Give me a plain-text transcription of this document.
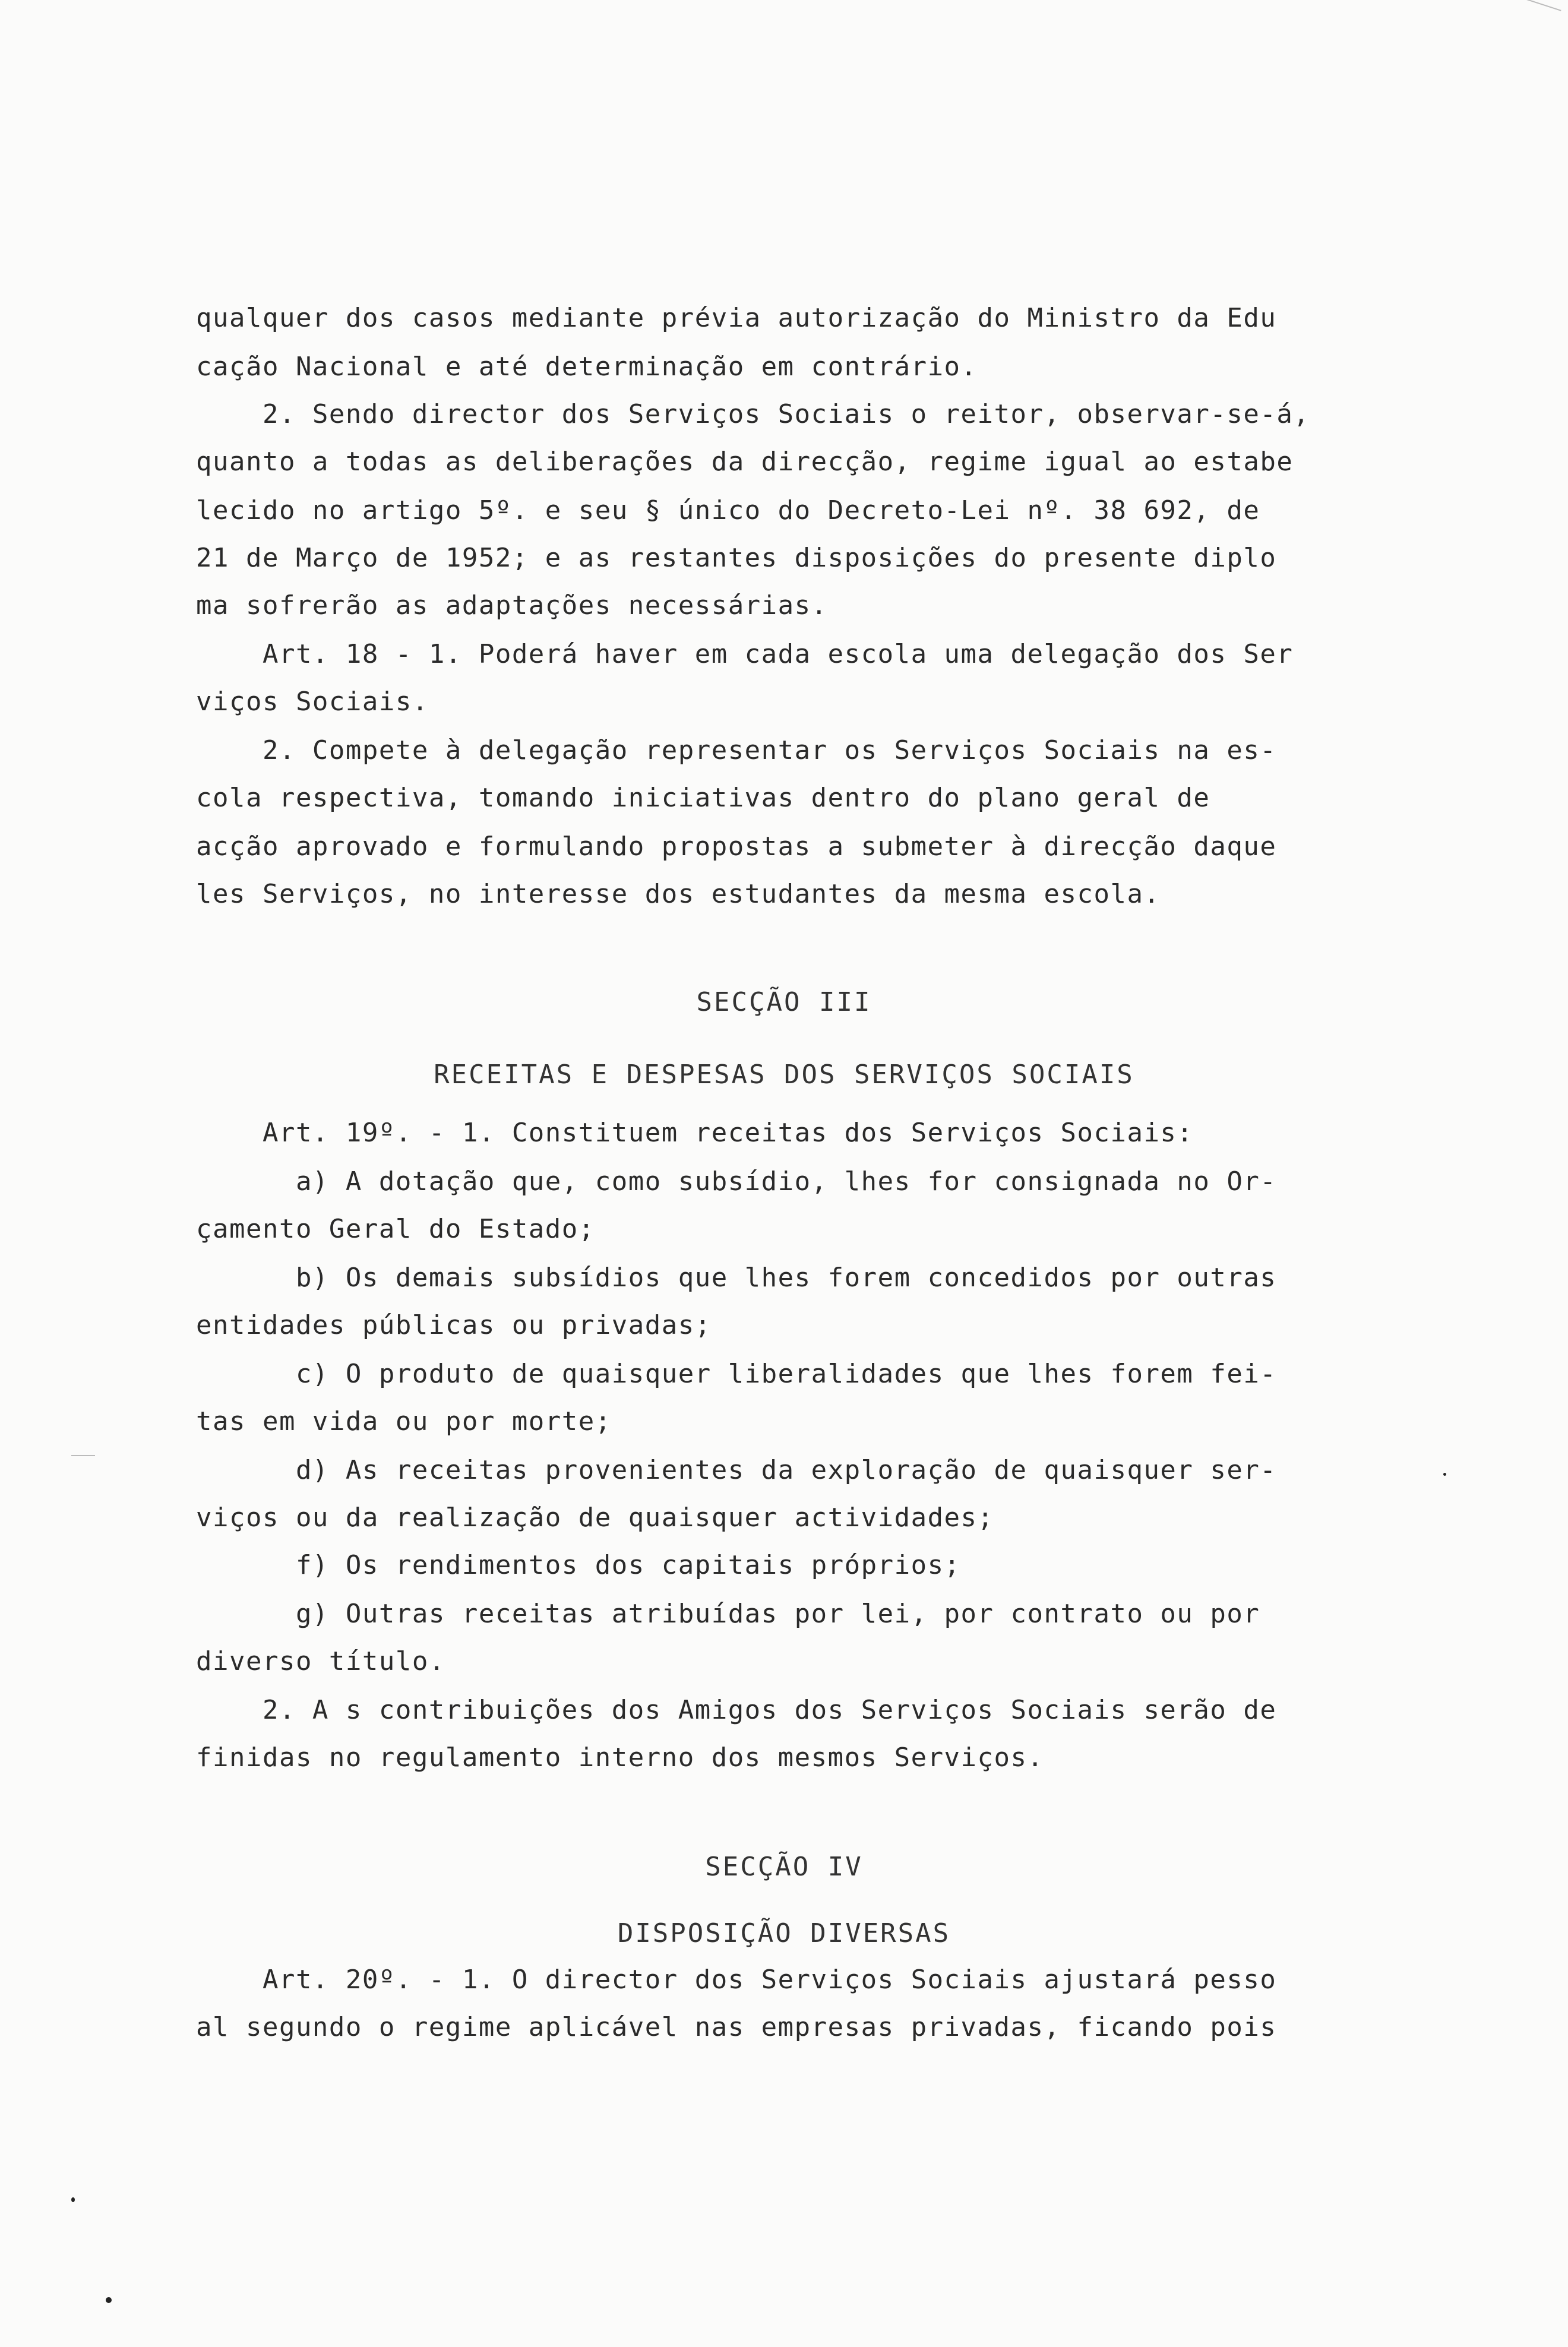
qualquer dos casos mediante prévia autorização do Ministro da Edu
cação Nacional e até determinação em contrário.
2. Sendo director dos Serviços Sociais o reitor, observar-se-á,
quanto a todas as deliberações da direcção, regime igual ao estabe
lecido no artigo 5º. e seu § único do Decreto-Lei nº. 38 692, de
21 de Março de 1952; e as restantes disposições do presente diplo
ma sofrerão as adaptações necessárias.
Art. 18 - 1. Poderá haver em cada escola uma delegação dos Ser
viços Sociais.
2. Compete à delegação representar os Serviços Sociais na es-
cola respectiva, tomando iniciativas dentro do plano geral de
acção aprovado e formulando propostas a submeter à direcção daque
les Serviços, no interesse dos estudantes da mesma escola.
SECÇÃO III
RECEITAS E DESPESAS DOS SERVIÇOS SOCIAIS
Art. 19º. - 1. Constituem receitas dos Serviços Sociais:
a) A dotação que, como subsídio, lhes for consignada no Or-
çamento Geral do Estado;
b) Os demais subsídios que lhes forem concedidos por outras
entidades públicas ou privadas;
c) O produto de quaisquer liberalidades que lhes forem fei-
tas em vida ou por morte;
d) As receitas provenientes da exploração de quaisquer ser-
viços ou da realização de quaisquer actividades;
f) Os rendimentos dos capitais próprios;
g) Outras receitas atribuídas por lei, por contrato ou por
diverso título.
2. A s contribuições dos Amigos dos Serviços Sociais serão de
finidas no regulamento interno dos mesmos Serviços.
SECÇÃO IV
DISPOSIÇÃO DIVERSAS
Art. 20º. - 1. O director dos Serviços Sociais ajustará pesso
al segundo o regime aplicável nas empresas privadas, ficando pois
